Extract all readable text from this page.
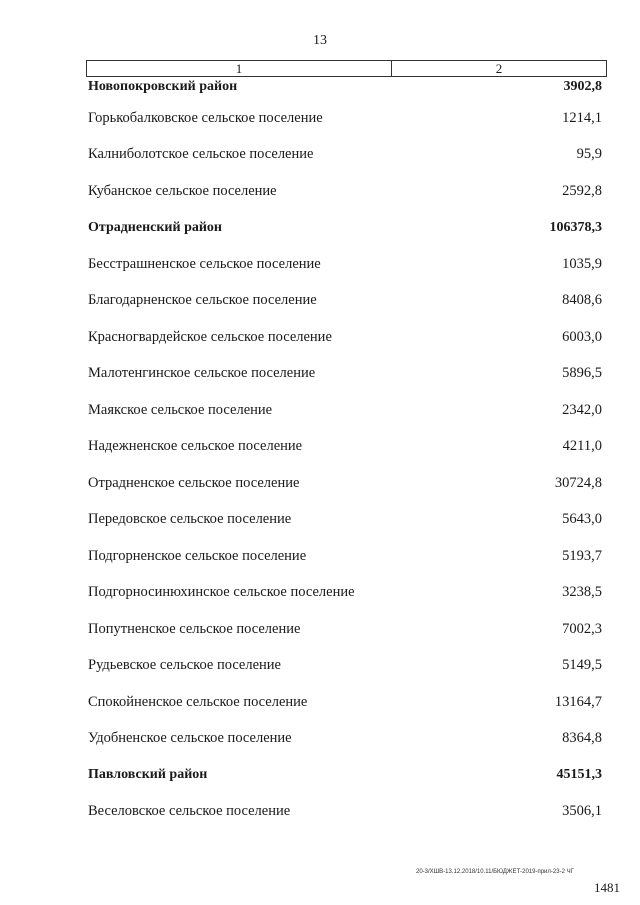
13
1	2
Новопокровский район	3902,8
Горькобалковское сельское поселение	1214,1
Калниболотское сельское поселение	95,9
Кубанское сельское поселение	2592,8
Отрадненский район	106378,3
Бесстрашненское сельское поселение	1035,9
Благодарненское сельское поселение	8408,6
Красногвардейское сельское поселение	6003,0
Малотенгинское сельское поселение	5896,5
Маякское сельское поселение	2342,0
Надежненское сельское поселение	4211,0
Отрадненское сельское поселение	30724,8
Передовское сельское поселение	5643,0
Подгорненское сельское поселение	5193,7
Подгорносинюхинское сельское поселение	3238,5
Попутненское сельское поселение	7002,3
Рудьевское сельское поселение	5149,5
Спокойненское сельское поселение	13164,7
Удобненское сельское поселение	8364,8
Павловский район	45151,3
Веселовское сельское поселение	3506,1
20-3/ХШВ-13.12.2018/10.11/БЮДЖЕТ-2019-прил-23-2 ЧГ
1481
